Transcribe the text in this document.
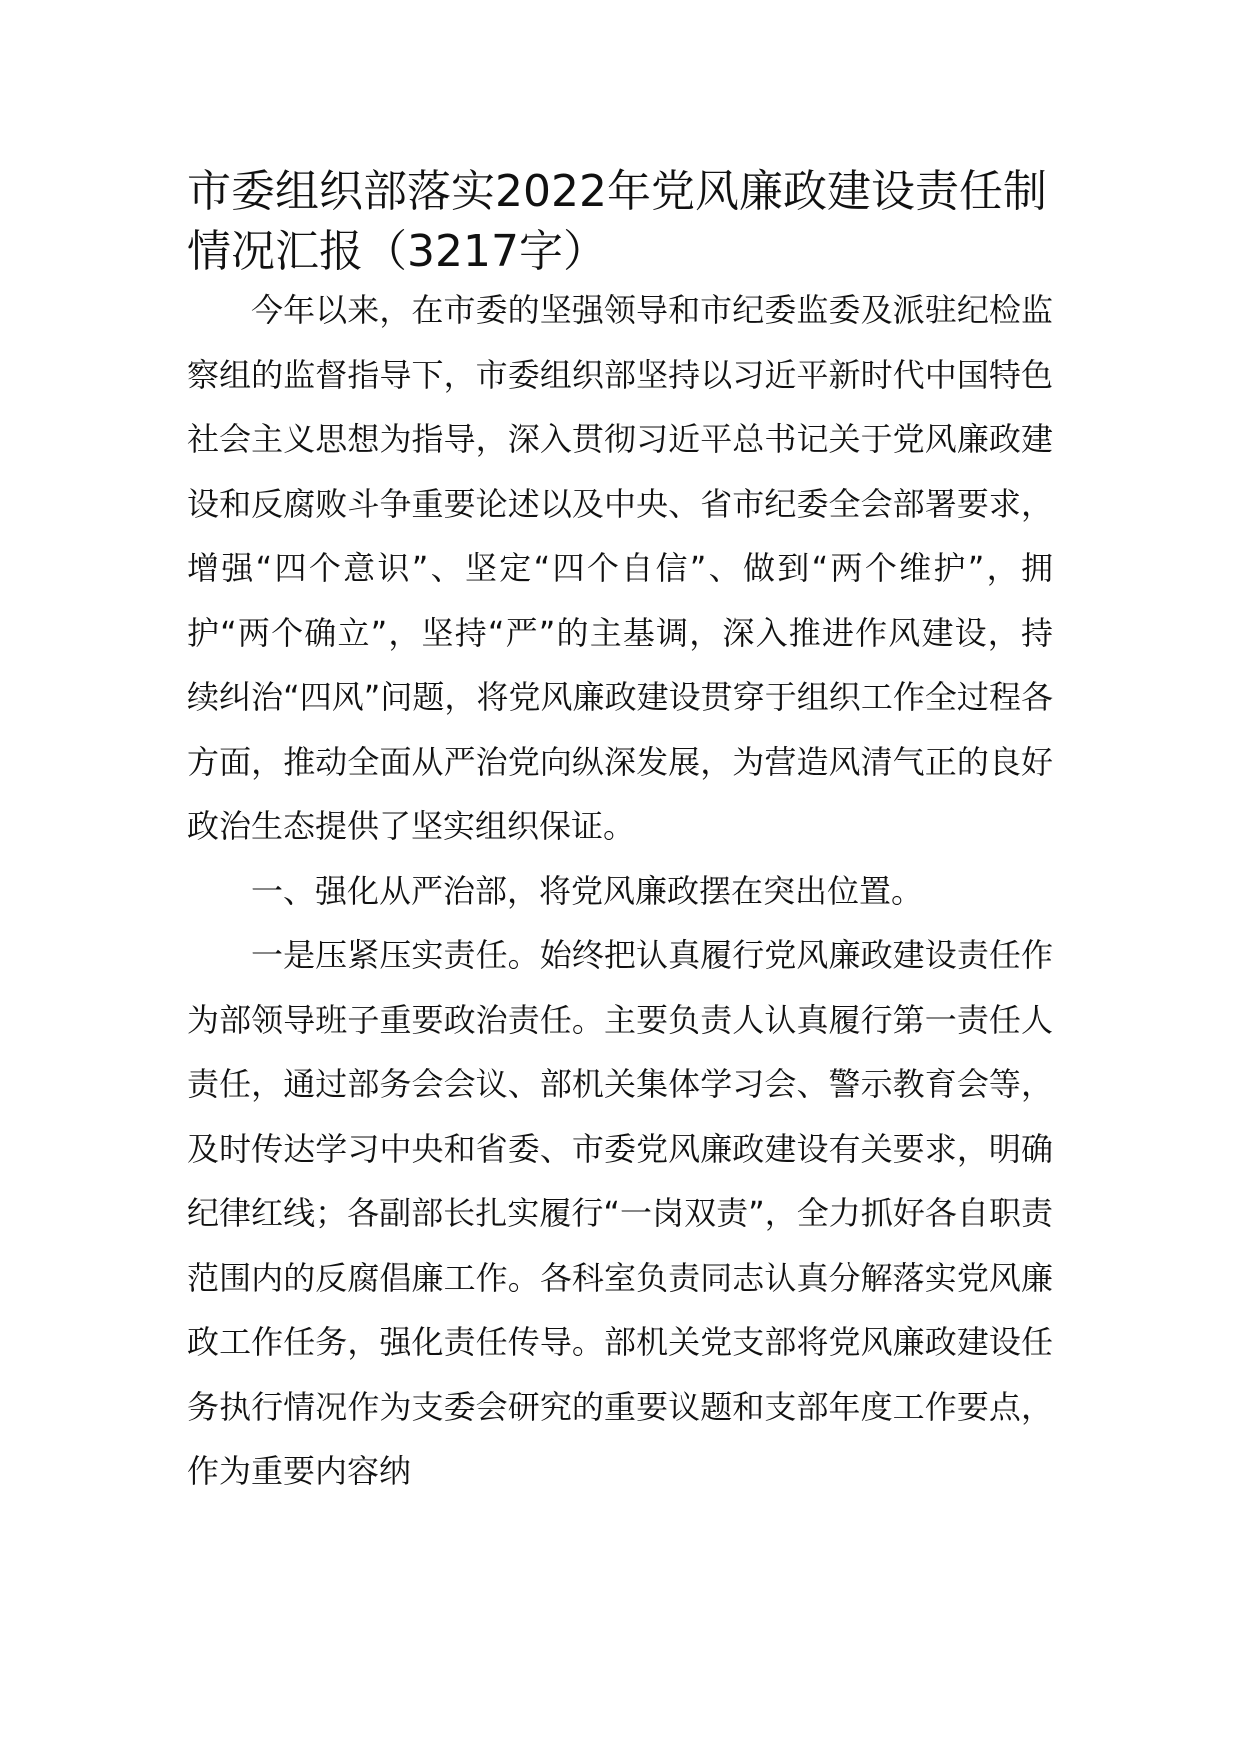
市委组织部落实2022年党风廉政建设责任制情况汇报（3217字）

今年以来，在市委的坚强领导和市纪委监委及派驻纪检监察组的监督指导下，市委组织部坚持以习近平新时代中国特色社会主义思想为指导，深入贯彻习近平总书记关于党风廉政建设和反腐败斗争重要论述以及中央、省市纪委全会部署要求，增强“四个意识”、坚定“四个自信”、做到“两个维护”，拥护“两个确立”，坚持“严”的主基调，深入推进作风建设，持续纠治“四风”问题，将党风廉政建设贯穿于组织工作全过程各方面，推动全面从严治党向纵深发展，为营造风清气正的良好政治生态提供了坚实组织保证。

一、强化从严治部，将党风廉政摆在突出位置。

一是压紧压实责任。始终把认真履行党风廉政建设责任作为部领导班子重要政治责任。主要负责人认真履行第一责任人责任，通过部务会会议、部机关集体学习会、警示教育会等，及时传达学习中央和省委、市委党风廉政建设有关要求，明确纪律红线；各副部长扎实履行“一岗双责”，全力抓好各自职责范围内的反腐倡廉工作。各科室负责同志认真分解落实党风廉政工作任务，强化责任传导。部机关党支部将党风廉政建设任务执行情况作为支委会研究的重要议题和支部年度工作要点，作为重要内容纳
